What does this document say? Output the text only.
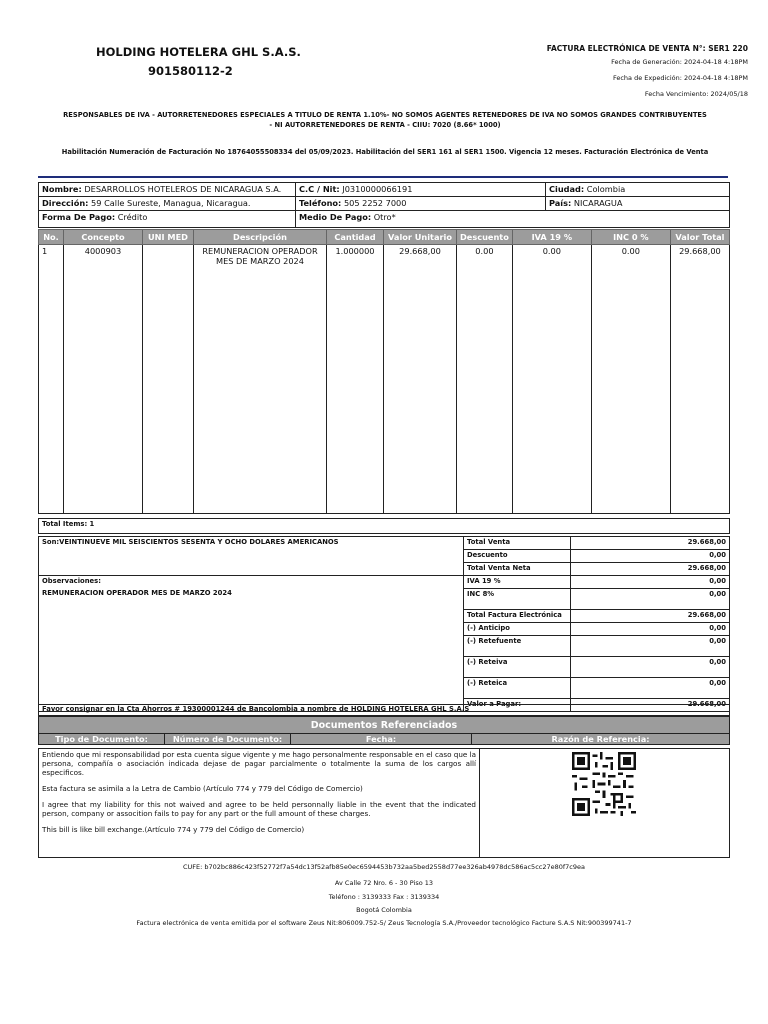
HOLDING HOTELERA GHL S.A.S.
901580112-2
FACTURA ELECTRÓNICA DE VENTA N°: SER1 220
Fecha de Generación: 2024-04-18 4:18PM
Fecha de Expedición: 2024-04-18 4:18PM
Fecha Vencimiento: 2024/05/18
RESPONSABLES DE IVA - AUTORRETENEDORES ESPECIALES A TITULO DE RENTA 1.10%- NO SOMOS AGENTES RETENEDORES DE IVA NO SOMOS GRANDES CONTRIBUYENTES
- NI AUTORRETENEDORES DE RENTA - CIIU: 7020 (8.66* 1000)
Habilitación Numeración de Facturación No 18764055508334 del 05/09/2023. Habilitación del SER1 161 al SER1 1500. Vigencia 12 meses. Facturación Electrónica de Venta
Nombre: DESARROLLOS HOTELEROS DE NICARAGUA S.A.	C.C / Nit: J0310000066191	Ciudad: Colombia
Dirección: 59 Calle Sureste, Managua, Nicaragua.	Teléfono: 505 2252 7000	País: NICARAGUA
Forma De Pago: Crédito	Medio De Pago: Otro*	
No.	Concepto	UNI MED	Descripción	Cantidad	Valor Unitario	Descuento	IVA 19 %	INC 0 %	Valor Total
1	4000903		REMUNERACION OPERADOR
MES DE MARZO 2024	1.000000	29.668,00	0.00	0.00	0.00	29.668,00
Total Items: 1
Son:VEINTINUEVE MIL SEISCIENTOS SESENTA Y OCHO DOLARES AMERICANOS	Total Venta	29.668,00
	Descuento	0,00
	Total Venta Neta	29.668,00

Observaciones:
REMUNERACION OPERADOR MES DE MARZO 2024	IVA 19 %	0,00
	INC 8%	0,00
	Total Factura Electrónica	29.668,00
	(-) Anticipo	0,00
	(-) Retefuente	0,00
	(-) Reteiva	0,00
	(-) Reteica	0,00
	Valor a Pagar:	29.668,00
Favor consignar en la Cta Ahorros # 19300001244 de Bancolombia a nombre de HOLDING HOTELERA GHL S.A.S
Documentos Referenciados
Tipo de Documento:	Número de Documento:	Fecha:	Razón de Referencia:
Entiendo que mi responsabilidad por esta cuenta sigue vigente y me hago personalmente responsable en el caso que la persona, compañía o asociación indicada dejase de pagar parcialmente o totalmente la suma de los cargos allí especificos.
Esta factura se asimila a la Letra de Cambio (Artículo 774 y 779 del Código de Comercio)
I agree that my liability for this not waived and agree to be held personnally liable in the event that the indicated person, company or assocition fails to pay for any part or the full amount of these charges.
This bill is like bill exchange.(Artículo 774 y 779 del Código de Comercio)

CUFE: b702bc886c423f52772f7a54dc13f52afb85e0ec6594453b732aa5bed2558d77ee326ab4978dc586ac5cc27e80f7c9ea
Av Calle 72 Nro. 6 - 30 Piso 13
Teléfono : 3139333 Fax : 3139334
Bogotá Colombia
Factura electrónica de venta emitida por el software Zeus Nit:806009.752-5/ Zeus Tecnología S.A./Proveedor tecnológico Facture S.A.S Nit:900399741-7
